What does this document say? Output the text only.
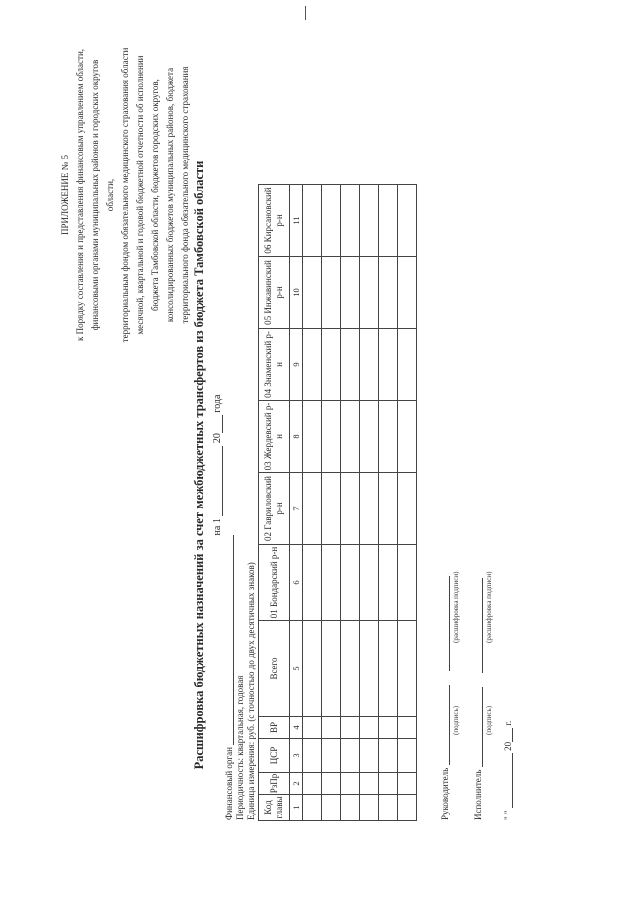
ПРИЛОЖЕНИЕ № 5 к Порядку составления и представления финансовым управлением области, финансовыми органами муниципальных районов и городских округов области, территориальным фондом обязательного медицинского страхования области месячной, квартальной и годовой бюджетной отчетности об исполнении бюджета Тамбовской области, бюджетов городских округов, консолидированных бюджетов муниципальных районов, бюджета территориального фонда обязательного медицинского страхования Расшифровка бюджетных назначений за счет межбюджетных трансфертов из бюджета Тамбовской области на 1  20 года
Финансовый орган Периодичность: квартальная, годовая Единица измерения: руб. (с точностью до двух десятичных знаков) Код главы	РзПр	ЦСР	ВР	Всего	01 Бондарский р-н	02 Гавриловский р-н	03 Жердевский р-н	04 Знаменский р-н	05 Инжавинский р-н	06 Кирсановский р-н
1	2	3	4	5	6	7	8	9	10	11

Руководитель
(подпись)
(расшифровка подписи)
Исполнитель
(подпись)
(расшифровка подписи)
" "  20 г.
